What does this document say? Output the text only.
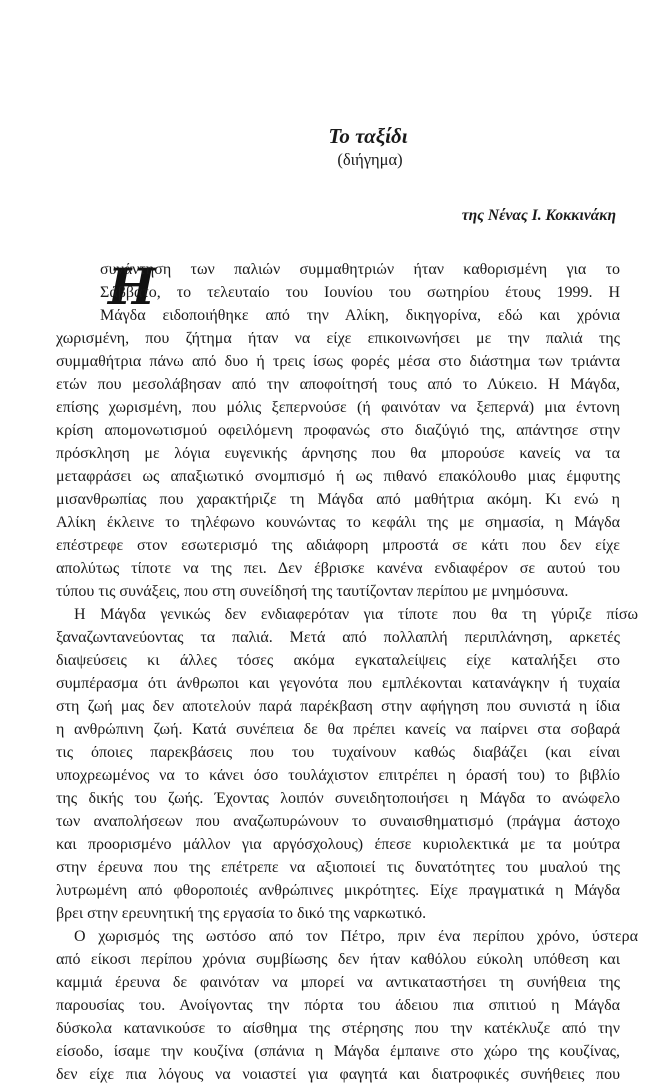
Το ταξίδι
(διήγημα)
της Νένας Ι. Κοκκινάκη
Η
συνάντηση των παλιών συμμαθητριών ήταν καθορισμένη για το
Σάββατο, το τελευταίο του Ιουνίου του σωτηρίου έτους 1999. Η
Μάγδα ειδοποιήθηκε από την Αλίκη, δικηγορίνα, εδώ και χρόνια
χωρισμένη, που ζήτημα ήταν να είχε επικοινωνήσει με την παλιά της
συμμαθήτρια πάνω από δυο ή τρεις ίσως φορές μέσα στο διάστημα των τριάντα
ετών που μεσολάβησαν από την αποφοίτησή τους από το Λύκειο. Η Μάγδα,
επίσης χωρισμένη, που μόλις ξεπερνούσε (ή φαινόταν να ξεπερνά) μια έντονη
κρίση απομονωτισμού οφειλόμενη προφανώς στο διαζύγιό της, απάντησε στην
πρόσκληση με λόγια ευγενικής άρνησης που θα μπορούσε κανείς να τα
μεταφράσει ως απαξιωτικό σνομπισμό ή ως πιθανό επακόλουθο μιας έμφυτης
μισανθρωπίας που χαρακτήριζε τη Μάγδα από μαθήτρια ακόμη. Κι ενώ η
Αλίκη έκλεινε το τηλέφωνο κουνώντας το κεφάλι της με σημασία, η Μάγδα
επέστρεφε στον εσωτερισμό της αδιάφορη μπροστά σε κάτι που δεν είχε
απολύτως τίποτε να της πει. Δεν έβρισκε κανένα ενδιαφέρον σε αυτού του
τύπου τις συνάξεις, που στη συνείδησή της ταυτίζονταν περίπου με μνημόσυνα.
Η Μάγδα γενικώς δεν ενδιαφερόταν για τίποτε που θα τη γύριζε πίσω
ξαναζωντανεύοντας τα παλιά. Μετά από πολλαπλή περιπλάνηση, αρκετές
διαψεύσεις κι άλλες τόσες ακόμα εγκαταλείψεις είχε καταλήξει στο
συμπέρασμα ότι άνθρωποι και γεγονότα που εμπλέκονται κατανάγκην ή τυχαία
στη ζωή μας δεν αποτελούν παρά παρέκβαση στην αφήγηση που συνιστά η ίδια
η ανθρώπινη ζωή. Κατά συνέπεια δε θα πρέπει κανείς να παίρνει στα σοβαρά
τις όποιες παρεκβάσεις που του τυχαίνουν καθώς διαβάζει (και είναι
υποχρεωμένος να το κάνει όσο τουλάχιστον επιτρέπει η όρασή του) το βιβλίο
της δικής του ζωής. Έχοντας λοιπόν συνειδητοποιήσει η Μάγδα το ανώφελο
των αναπολήσεων που αναζωπυρώνουν το συναισθηματισμό (πράγμα άστοχο
και προορισμένο μάλλον για αργόσχολους) έπεσε κυριολεκτικά με τα μούτρα
στην έρευνα που της επέτρεπε να αξιοποιεί τις δυνατότητες του μυαλού της
λυτρωμένη από φθοροποιές ανθρώπινες μικρότητες. Είχε πραγματικά η Μάγδα
βρει στην ερευνητική της εργασία το δικό της ναρκωτικό.
Ο χωρισμός της ωστόσο από τον Πέτρο, πριν ένα περίπου χρόνο, ύστερα
από είκοσι περίπου χρόνια συμβίωσης δεν ήταν καθόλου εύκολη υπόθεση και
καμμιά έρευνα δε φαινόταν να μπορεί να αντικαταστήσει τη συνήθεια της
παρουσίας του. Ανοίγοντας την πόρτα του άδειου πια σπιτιού η Μάγδα
δύσκολα κατανικούσε το αίσθημα της στέρησης που την κατέκλυζε από την
είσοδο, ίσαμε την κουζίνα (σπάνια η Μάγδα έμπαινε στο χώρο της κουζίνας,
δεν είχε πια λόγους να νοιαστεί για φαγητά και διατροφικές συνήθειες που
